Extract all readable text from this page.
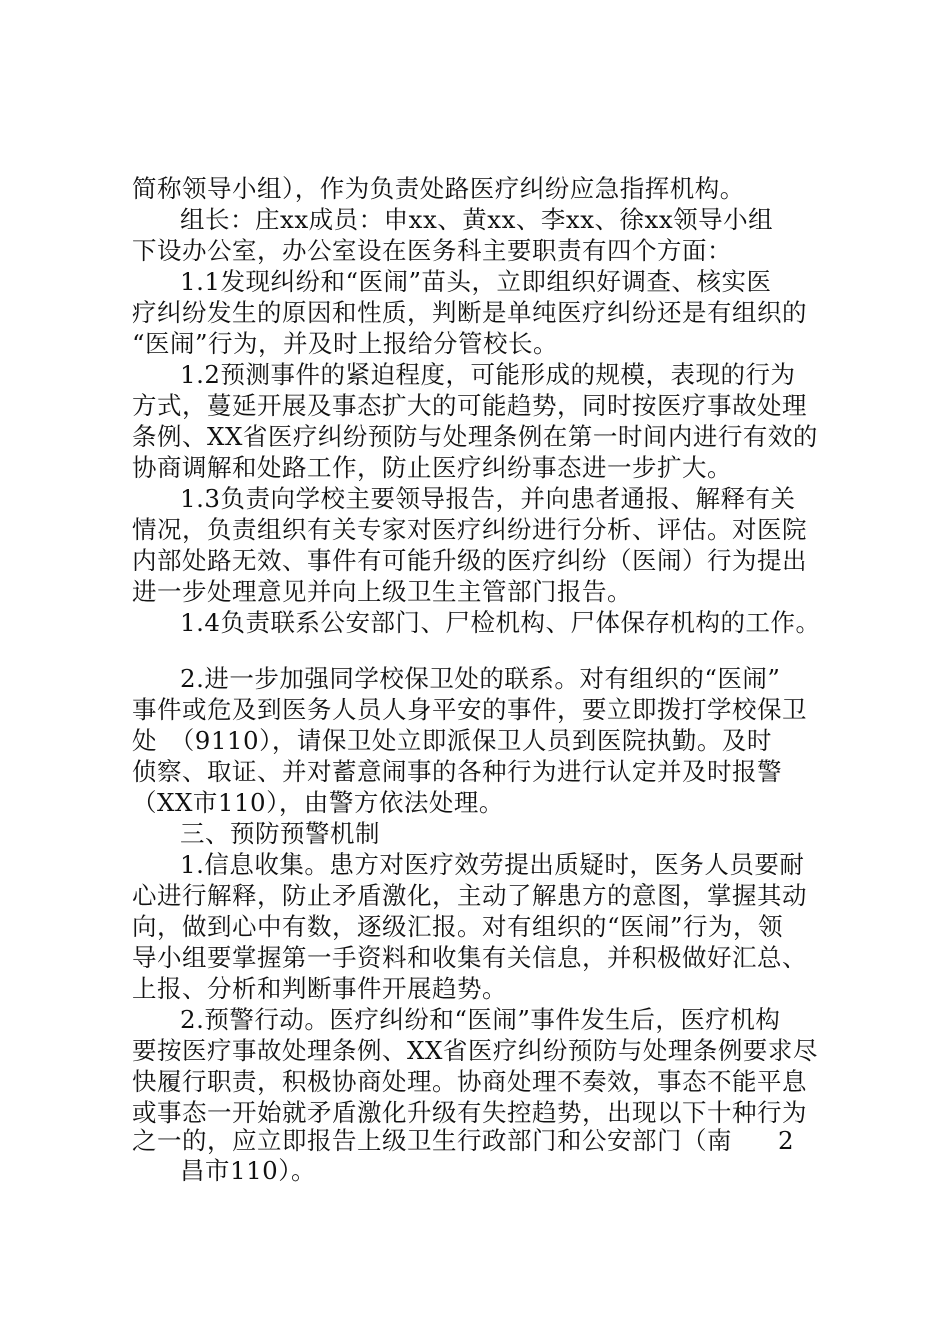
简称领导小组），作为负责处路医疗纠纷应急指挥机构。
组长：庄xx成员：申xx、黄xx、李xx、徐xx领导小组
下设办公室，办公室设在医务科主要职责有四个方面：
1.1发现纠纷和“医闹”苗头，立即组织好调查、核实医
疗纠纷发生的原因和性质，判断是单纯医疗纠纷还是有组织的
“医闹”行为，并及时上报给分管校长。
1.2预测事件的紧迫程度，可能形成的规模，表现的行为
方式，蔓延开展及事态扩大的可能趋势，同时按医疗事故处理
条例、XX省医疗纠纷预防与处理条例在第一时间内进行有效的
协商调解和处路工作，防止医疗纠纷事态进一步扩大。
1.3负责向学校主要领导报告，并向患者通报、解释有关
情况，负责组织有关专家对医疗纠纷进行分析、评估。对医院
内部处路无效、事件有可能升级的医疗纠纷（医闹）行为提出
进一步处理意见并向上级卫生主管部门报告。
1.4负责联系公安部门、尸检机构、尸体保存机构的工作。
2.进一步加强同学校保卫处的联系。对有组织的“医闹”
事件或危及到医务人员人身平安的事件，要立即拨打学校保卫
处　（9110），请保卫处立即派保卫人员到医院执勤。及时
侦察、取证、并对蓄意闹事的各种行为进行认定并及时报警
（XX市110），由警方依法处理。
三、预防预警机制
1.信息收集。患方对医疗效劳提出质疑时，医务人员要耐
心进行解释，防止矛盾激化，主动了解患方的意图，掌握其动
向，做到心中有数，逐级汇报。对有组织的“医闹”行为，领
导小组要掌握第一手资料和收集有关信息，并积极做好汇总、
上报、分析和判断事件开展趋势。
2.预警行动。医疗纠纷和“医闹”事件发生后，医疗机构
要按医疗事故处理条例、XX省医疗纠纷预防与处理条例要求尽
快履行职责，积极协商处理。协商处理不奏效，事态不能平息
或事态一开始就矛盾激化升级有失控趋势，出现以下十种行为
之一的，应立即报告上级卫生行政部门和公安部门（南 2
昌市110）。
